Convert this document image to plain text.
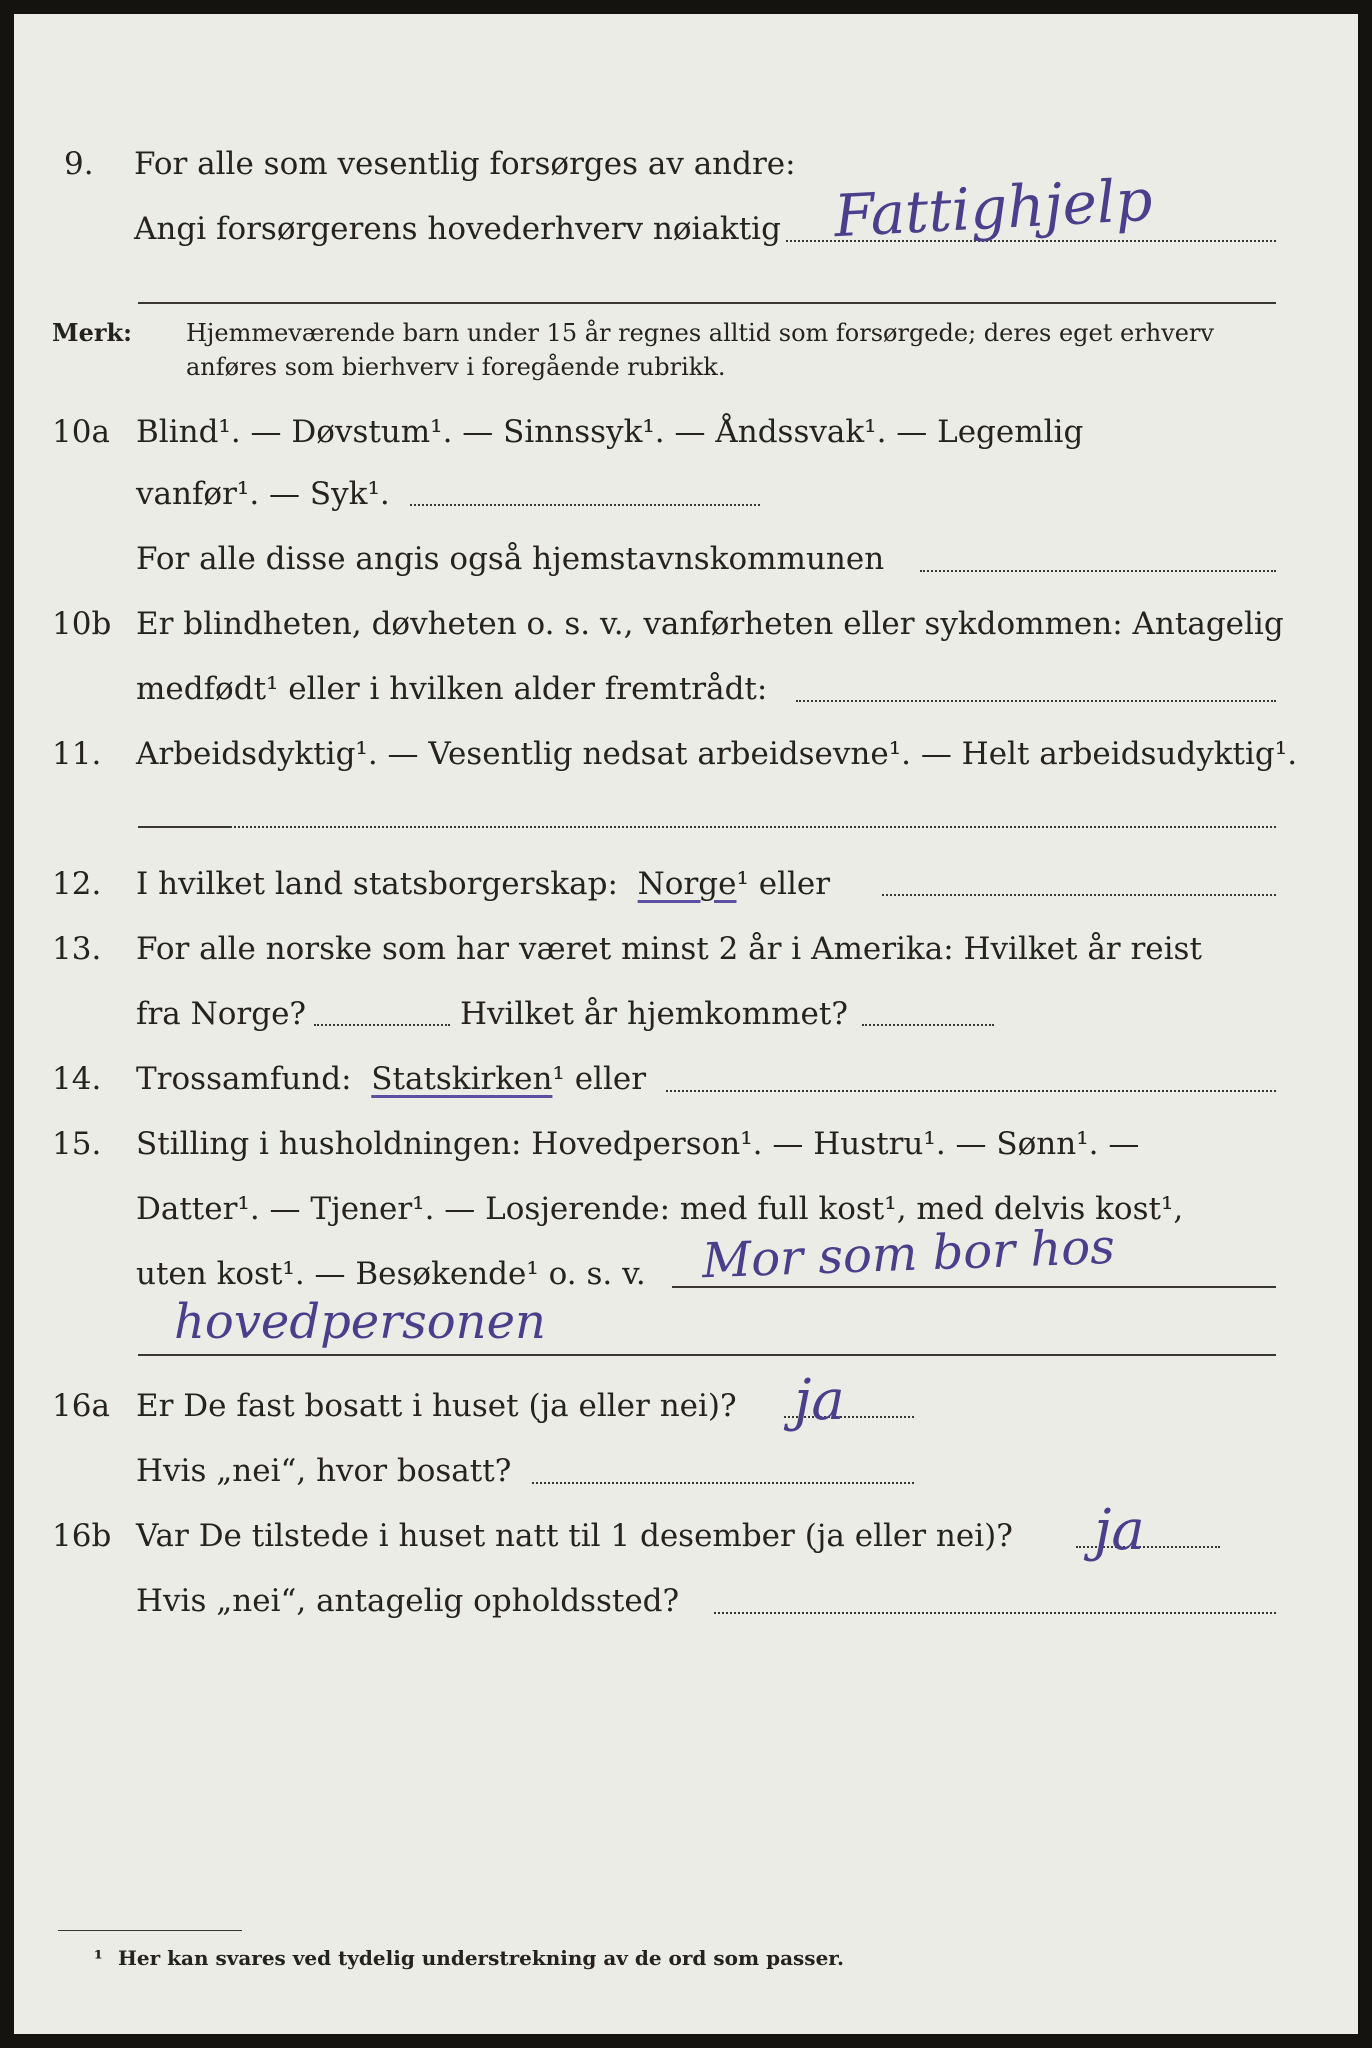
9. For alle som vesentlig forsørges av andre:
Angi forsørgerens hovederhverv nøiaktig Fattighjelp
Merk: Hjemmeværende barn under 15 år regnes alltid som forsørgede; deres eget erhverv
anføres som bierhverv i foregående rubrikk.
10a Blind¹. — Døvstum¹. — Sinnssyk¹. — Åndssvak¹. — Legemlig
vanfør¹. — Syk¹.
For alle disse angis også hjemstavnskommunen
10b Er blindheten, døvheten o. s. v., vanførheten eller sykdommen: Antagelig
medfødt¹ eller i hvilken alder fremtrådt:
11. Arbeidsdyktig¹. — Vesentlig nedsat arbeidsevne¹. — Helt arbeidsudyktig¹.
12. I hvilket land statsborgerskap: Norge¹ eller
13. For alle norske som har været minst 2 år i Amerika: Hvilket år reist
fra Norge?	Hvilket år hjemkommet?
14. Trossamfund: Statskirken¹ eller
15. Stilling i husholdningen: Hovedperson¹. — Hustru¹. — Sønn¹. —
Datter¹. — Tjener¹. — Losjerende: med full kost¹, med delvis kost¹,
uten kost¹. — Besøkende¹ o. s. v. Mor som bor hos
hovedpersonen
16a Er De fast bosatt i huset (ja eller nei)? ja
Hvis „nei“, hvor bosatt?
16b Var De tilstede i huset natt til 1 desember (ja eller nei)? ja
Hvis „nei“, antagelig opholdssted?
¹ Her kan svares ved tydelig understrekning av de ord som passer.
